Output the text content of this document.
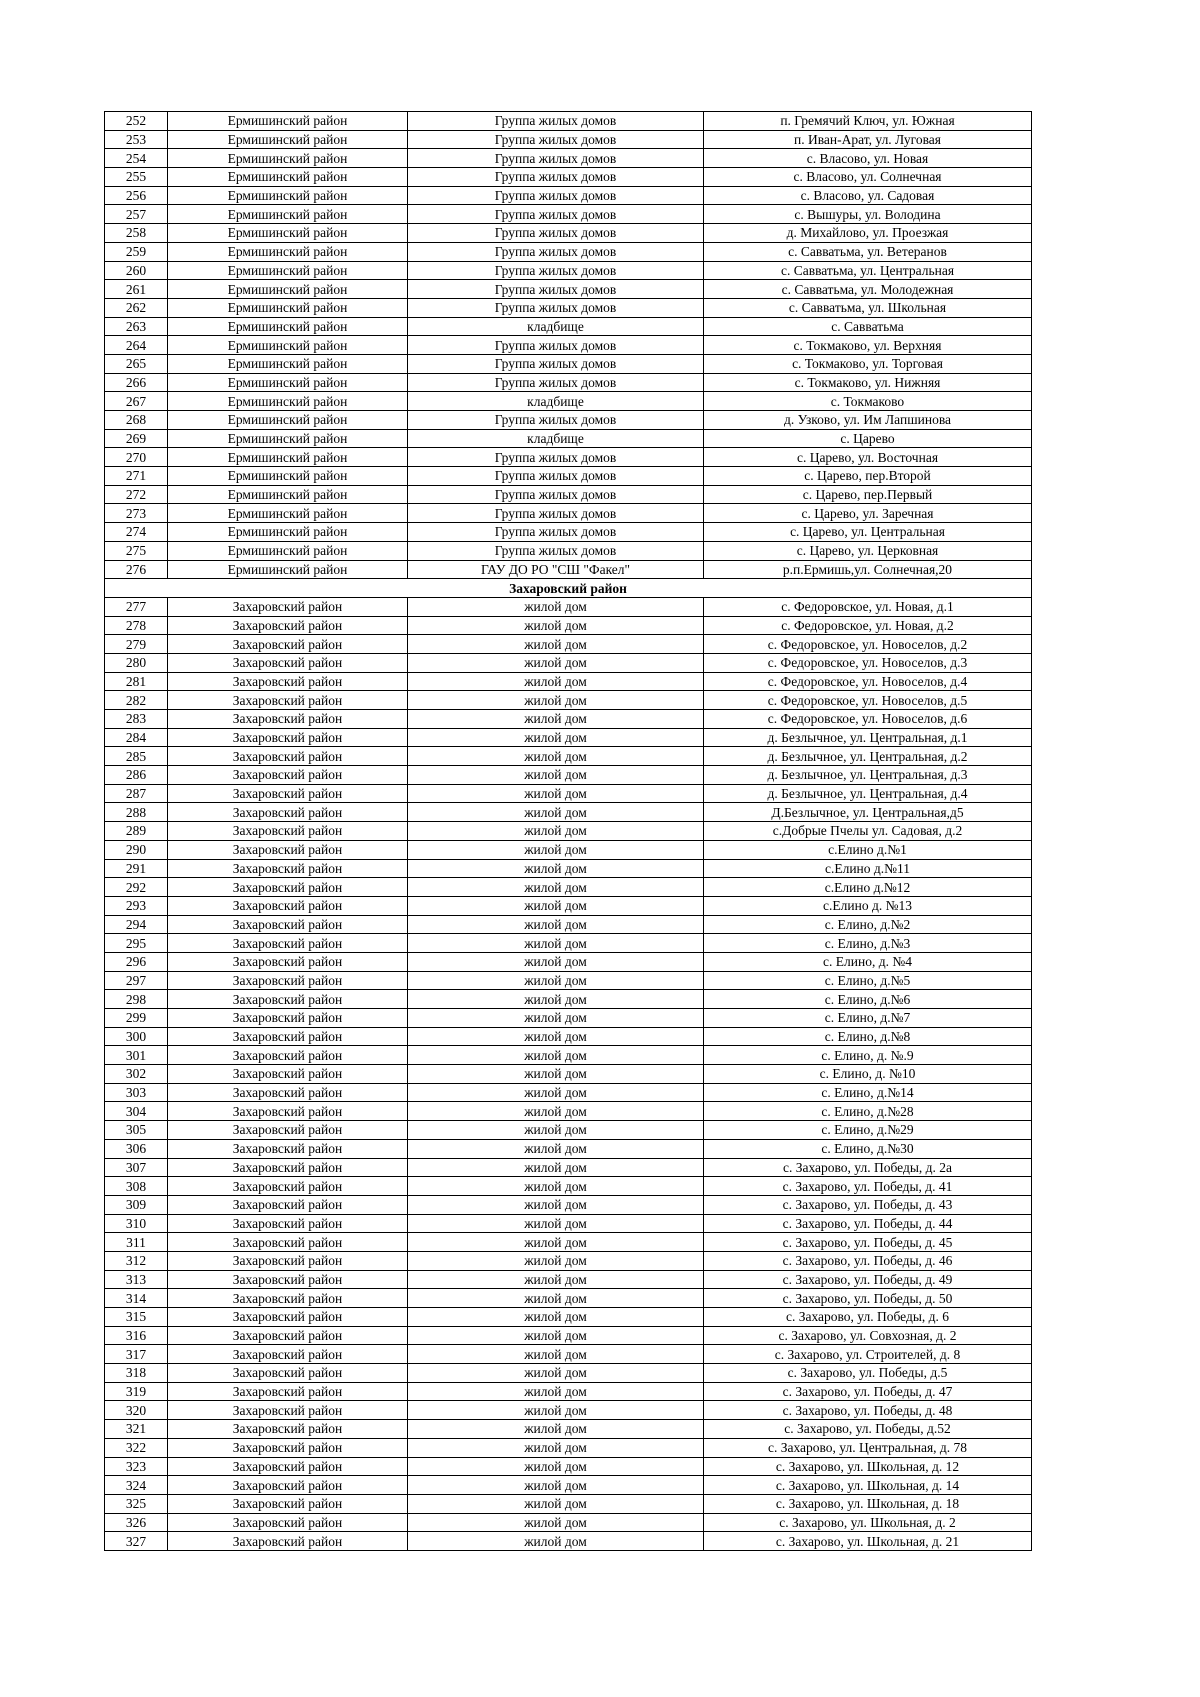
252	Ермишинский район	Группа жилых домов	п. Гремячий Ключ, ул. Южная
253	Ермишинский район	Группа жилых домов	п. Иван-Арат, ул. Луговая
254	Ермишинский район	Группа жилых домов	с. Власово, ул. Новая
255	Ермишинский район	Группа жилых домов	с. Власово, ул. Солнечная
256	Ермишинский район	Группа жилых домов	с. Власово, ул. Садовая
257	Ермишинский район	Группа жилых домов	с. Вышуры, ул. Володина
258	Ермишинский район	Группа жилых домов	д. Михайлово, ул. Проезжая
259	Ермишинский район	Группа жилых домов	с. Савватьма, ул. Ветеранов
260	Ермишинский район	Группа жилых домов	с. Савватьма, ул. Центральная
261	Ермишинский район	Группа жилых домов	с. Савватьма, ул. Молодежная
262	Ермишинский район	Группа жилых домов	с. Савватьма, ул. Школьная
263	Ермишинский район	кладбище	с. Савватьма
264	Ермишинский район	Группа жилых домов	с. Токмаково, ул. Верхняя
265	Ермишинский район	Группа жилых домов	с. Токмаково, ул. Торговая
266	Ермишинский район	Группа жилых домов	с. Токмаково, ул. Нижняя
267	Ермишинский район	кладбище	с. Токмаково
268	Ермишинский район	Группа жилых домов	д. Узково, ул. Им Лапшинова
269	Ермишинский район	кладбище	с. Царево
270	Ермишинский район	Группа жилых домов	с. Царево, ул. Восточная
271	Ермишинский район	Группа жилых домов	с. Царево, пер.Второй
272	Ермишинский район	Группа жилых домов	с. Царево, пер.Первый
273	Ермишинский район	Группа жилых домов	с. Царево, ул. Заречная
274	Ермишинский район	Группа жилых домов	с. Царево, ул. Центральная
275	Ермишинский район	Группа жилых домов	с. Царево, ул. Церковная
276	Ермишинский район	ГАУ ДО РО "СШ "Факел"	р.п.Ермишь,ул. Солнечная,20
Захаровский район			
277	Захаровский район	жилой дом	с. Федоровское, ул. Новая, д.1
278	Захаровский район	жилой дом	с. Федоровское, ул. Новая, д.2
279	Захаровский район	жилой дом	с. Федоровское, ул. Новоселов, д.2
280	Захаровский район	жилой дом	с. Федоровское, ул. Новоселов, д.3
281	Захаровский район	жилой дом	с. Федоровское, ул. Новоселов, д.4
282	Захаровский район	жилой дом	с. Федоровское, ул. Новоселов, д.5
283	Захаровский район	жилой дом	с. Федоровское, ул. Новоселов, д.6
284	Захаровский район	жилой дом	д. Безлычное, ул. Центральная, д.1
285	Захаровский район	жилой дом	д. Безлычное, ул. Центральная, д.2
286	Захаровский район	жилой дом	д. Безлычное, ул. Центральная, д.3
287	Захаровский район	жилой дом	д. Безлычное, ул. Центральная, д.4
288	Захаровский район	жилой дом	Д.Безлычное, ул. Центральная,д5
289	Захаровский район	жилой дом	с.Добрые Пчелы ул. Садовая, д.2
290	Захаровский район	жилой дом	с.Елино д.№1
291	Захаровский район	жилой дом	с.Елино д.№11
292	Захаровский район	жилой дом	с.Елино д.№12
293	Захаровский район	жилой дом	с.Елино д. №13
294	Захаровский район	жилой дом	с. Елино, д.№2
295	Захаровский район	жилой дом	с. Елино, д.№3
296	Захаровский район	жилой дом	с. Елино, д. №4
297	Захаровский район	жилой дом	с. Елино, д.№5
298	Захаровский район	жилой дом	с. Елино, д.№6
299	Захаровский район	жилой дом	с. Елино, д.№7
300	Захаровский район	жилой дом	с. Елино, д.№8
301	Захаровский район	жилой дом	с. Елино, д. №.9
302	Захаровский район	жилой дом	с. Елино, д. №10
303	Захаровский район	жилой дом	с. Елино, д.№14
304	Захаровский район	жилой дом	с. Елино, д.№28
305	Захаровский район	жилой дом	с. Елино, д.№29
306	Захаровский район	жилой дом	с. Елино, д.№30
307	Захаровский район	жилой дом	с. Захарово, ул. Победы, д. 2а
308	Захаровский район	жилой дом	с. Захарово, ул. Победы, д. 41
309	Захаровский район	жилой дом	с. Захарово, ул. Победы, д. 43
310	Захаровский район	жилой дом	с. Захарово, ул. Победы, д. 44
311	Захаровский район	жилой дом	с. Захарово, ул. Победы, д. 45
312	Захаровский район	жилой дом	с. Захарово, ул. Победы, д. 46
313	Захаровский район	жилой дом	с. Захарово, ул. Победы, д. 49
314	Захаровский район	жилой дом	с. Захарово, ул. Победы, д. 50
315	Захаровский район	жилой дом	с. Захарово, ул. Победы, д. 6
316	Захаровский район	жилой дом	с. Захарово, ул. Совхозная, д. 2
317	Захаровский район	жилой дом	с. Захарово, ул. Строителей, д. 8
318	Захаровский район	жилой дом	с. Захарово, ул. Победы, д.5
319	Захаровский район	жилой дом	с. Захарово, ул. Победы, д. 47
320	Захаровский район	жилой дом	с. Захарово, ул. Победы, д. 48
321	Захаровский район	жилой дом	с. Захарово, ул. Победы, д.52
322	Захаровский район	жилой дом	с. Захарово, ул. Центральная, д. 78
323	Захаровский район	жилой дом	с. Захарово, ул. Школьная, д. 12
324	Захаровский район	жилой дом	с. Захарово, ул. Школьная, д. 14
325	Захаровский район	жилой дом	с. Захарово, ул. Школьная, д. 18
326	Захаровский район	жилой дом	с. Захарово, ул. Школьная, д. 2
327	Захаровский район	жилой дом	с. Захарово, ул. Школьная, д. 21
